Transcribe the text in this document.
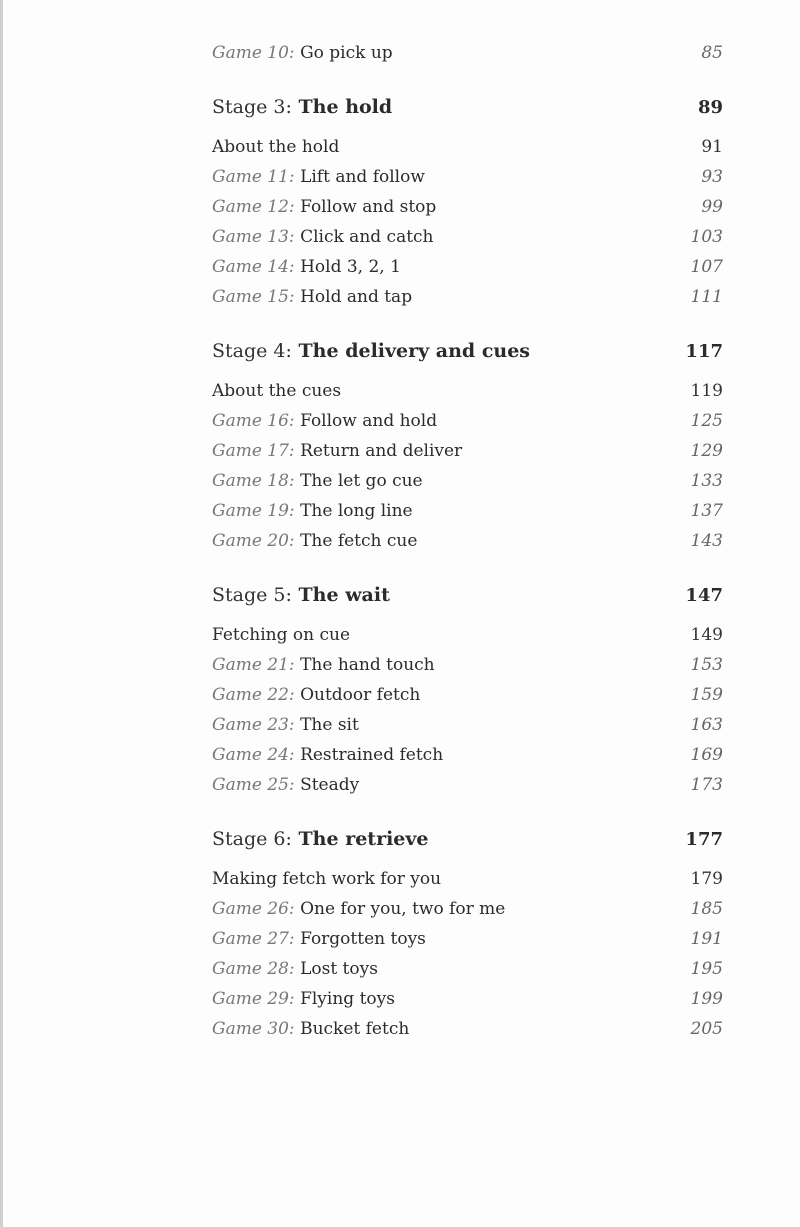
Game 10: Go pick up	85
Stage 3: The hold	89
About the hold	91
Game 11: Lift and follow	93
Game 12: Follow and stop	99
Game 13: Click and catch	103
Game 14: Hold 3, 2, 1	107
Game 15: Hold and tap	111
Stage 4: The delivery and cues	117
About the cues	119
Game 16: Follow and hold	125
Game 17: Return and deliver	129
Game 18: The let go cue	133
Game 19: The long line	137
Game 20: The fetch cue	143
Stage 5: The wait	147
Fetching on cue	149
Game 21: The hand touch	153
Game 22: Outdoor fetch	159
Game 23: The sit	163
Game 24: Restrained fetch	169
Game 25: Steady	173
Stage 6: The retrieve	177
Making fetch work for you	179
Game 26: One for you, two for me	185
Game 27: Forgotten toys	191
Game 28: Lost toys	195
Game 29: Flying toys	199
Game 30: Bucket fetch	205
